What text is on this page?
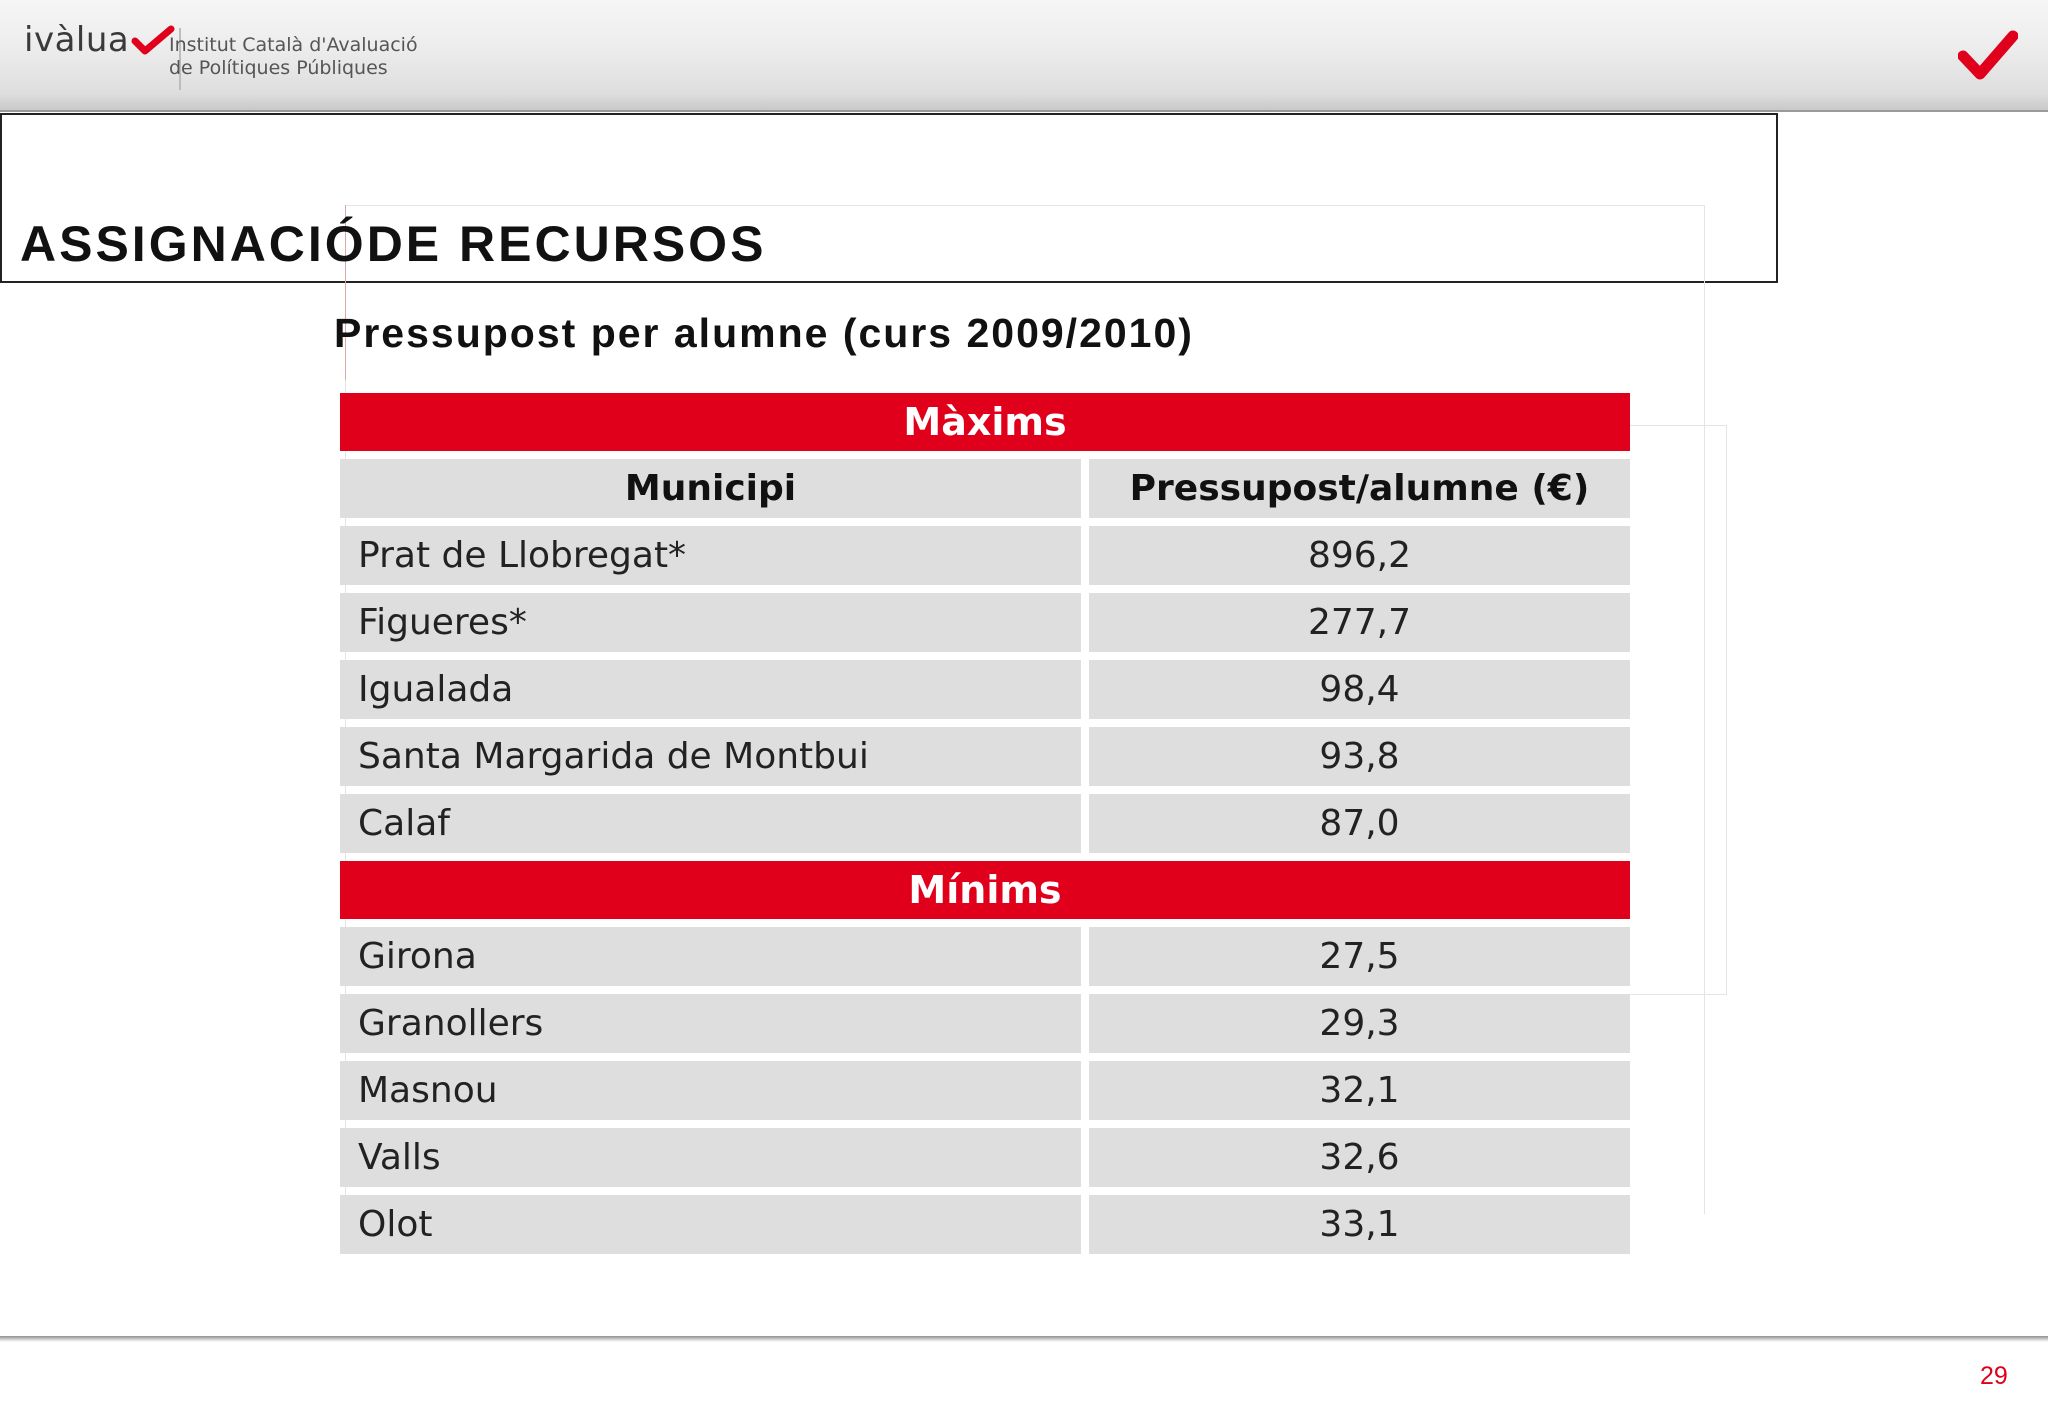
ivàlua Institut Català d'Avaluació
de Polítiques Públiques
ASSIGNACIÓDE RECURSOS
Pressupost per alumne (curs 2009/2010)
Màxims
Municipi	Pressupost/alumne (€)
Prat de Llobregat*	896,2
Figueres*	277,7
Igualada	98,4
Santa Margarida de Montbui	93,8
Calaf	87,0
Mínims
Girona	27,5
Granollers	29,3
Masnou	32,1
Valls	32,6
Olot	33,1
29
